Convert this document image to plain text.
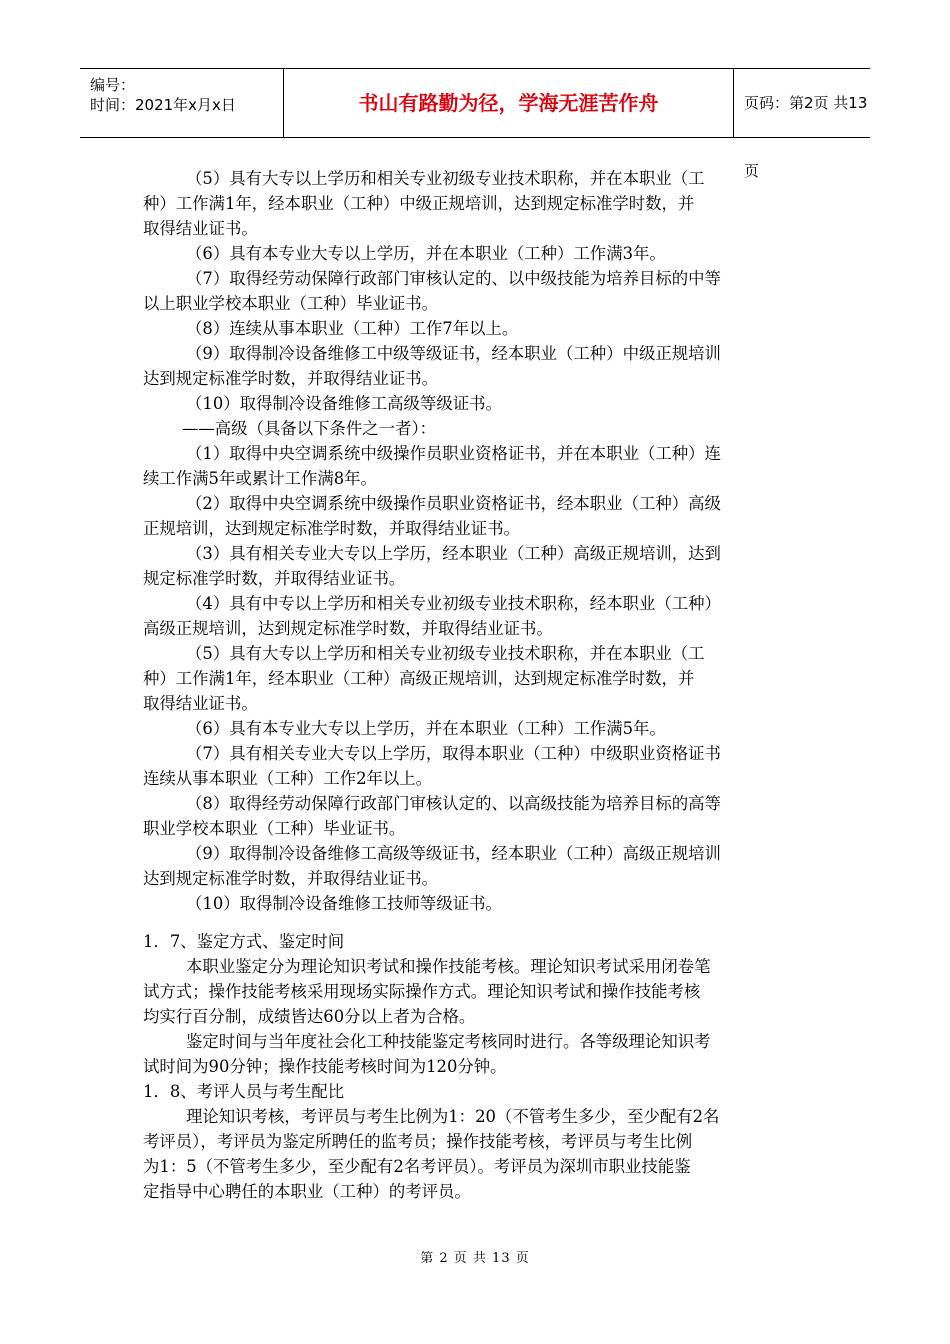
编号：
时间：2021年x月x日	书山有路勤为径，学海无涯苦作舟	页码：第2页 共13页
（5）具有大专以上学历和相关专业初级专业技术职称，并在本职业（工
种）工作满1年，经本职业（工种）中级正规培训，达到规定标准学时数，并
取得结业证书。
（6）具有本专业大专以上学历，并在本职业（工种）工作满3年。
（7）取得经劳动保障行政部门审核认定的、以中级技能为培养目标的中等
以上职业学校本职业（工种）毕业证书。
（8）连续从事本职业（工种）工作7年以上。
（9）取得制冷设备维修工中级等级证书，经本职业（工种）中级正规培训
达到规定标准学时数，并取得结业证书。
（10）取得制冷设备维修工高级等级证书。
——高级（具备以下条件之一者）：
（1）取得中央空调系统中级操作员职业资格证书，并在本职业（工种）连
续工作满5年或累计工作满8年。
（2）取得中央空调系统中级操作员职业资格证书，经本职业（工种）高级
正规培训，达到规定标准学时数，并取得结业证书。
（3）具有相关专业大专以上学历，经本职业（工种）高级正规培训，达到
规定标准学时数，并取得结业证书。
（4）具有中专以上学历和相关专业初级专业技术职称，经本职业（工种）
高级正规培训，达到规定标准学时数，并取得结业证书。
（5）具有大专以上学历和相关专业初级专业技术职称，并在本职业（工
种）工作满1年，经本职业（工种）高级正规培训，达到规定标准学时数，并
取得结业证书。
（6）具有本专业大专以上学历，并在本职业（工种）工作满5年。
（7）具有相关专业大专以上学历，取得本职业（工种）中级职业资格证书
连续从事本职业（工种）工作2年以上。
（8）取得经劳动保障行政部门审核认定的、以高级技能为培养目标的高等
职业学校本职业（工种）毕业证书。
（9）取得制冷设备维修工高级等级证书，经本职业（工种）高级正规培训
达到规定标准学时数，并取得结业证书。
（10）取得制冷设备维修工技师等级证书。
1．7、鉴定方式、鉴定时间
本职业鉴定分为理论知识考试和操作技能考核。理论知识考试采用闭卷笔
试方式；操作技能考核采用现场实际操作方式。理论知识考试和操作技能考核
均实行百分制，成绩皆达60分以上者为合格。
鉴定时间与当年度社会化工种技能鉴定考核同时进行。各等级理论知识考
试时间为90分钟；操作技能考核时间为120分钟。
1．8、考评人员与考生配比
理论知识考核，考评员与考生比例为1：20（不管考生多少，至少配有2名
考评员），考评员为鉴定所聘任的监考员；操作技能考核，考评员与考生比例
为1：5（不管考生多少，至少配有2名考评员）。考评员为深圳市职业技能鉴
定指导中心聘任的本职业（工种）的考评员。
第 2 页 共 13 页
